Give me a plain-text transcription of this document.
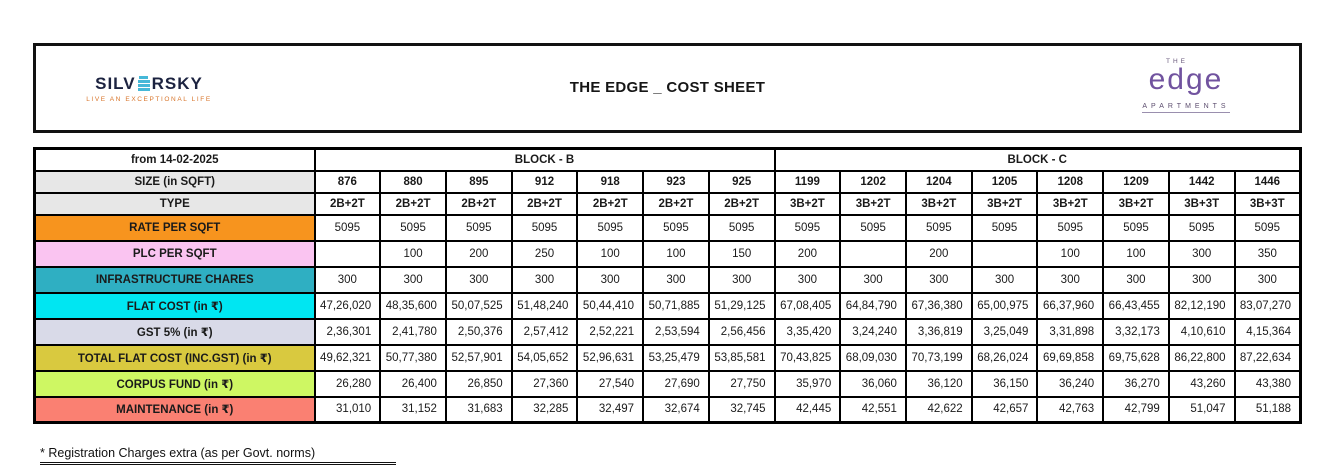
SILV RSKY
LIVE AN EXCEPTIONAL LIFE
THE EDGE _ COST SHEET
THE
edge
APARTMENTS
from 14-02-2025	BLOCK - B							BLOCK - C							
SIZE (in SQFT)	876	880	895	912	918	923	925	1199	1202	1204	1205	1208	1209	1442	1446
TYPE	2B+2T	2B+2T	2B+2T	2B+2T	2B+2T	2B+2T	2B+2T	3B+2T	3B+2T	3B+2T	3B+2T	3B+2T	3B+2T	3B+3T	3B+3T
RATE PER SQFT	5095	5095	5095	5095	5095	5095	5095	5095	5095	5095	5095	5095	5095	5095	5095
PLC PER SQFT		100	200	250	100	100	150	200		200		100	100	300	350
INFRASTRUCTURE CHARES	300	300	300	300	300	300	300	300	300	300	300	300	300	300	300
FLAT COST (in ₹)	47,26,020	48,35,600	50,07,525	51,48,240	50,44,410	50,71,885	51,29,125	67,08,405	64,84,790	67,36,380	65,00,975	66,37,960	66,43,455	82,12,190	83,07,270
GST 5% (in ₹)	2,36,301	2,41,780	2,50,376	2,57,412	2,52,221	2,53,594	2,56,456	3,35,420	3,24,240	3,36,819	3,25,049	3,31,898	3,32,173	4,10,610	4,15,364
TOTAL FLAT COST (INC.GST) (in ₹)	49,62,321	50,77,380	52,57,901	54,05,652	52,96,631	53,25,479	53,85,581	70,43,825	68,09,030	70,73,199	68,26,024	69,69,858	69,75,628	86,22,800	87,22,634
CORPUS FUND (in ₹)	26,280	26,400	26,850	27,360	27,540	27,690	27,750	35,970	36,060	36,120	36,150	36,240	36,270	43,260	43,380
MAINTENANCE (in ₹)	31,010	31,152	31,683	32,285	32,497	32,674	32,745	42,445	42,551	42,622	42,657	42,763	42,799	51,047	51,188
* Registration Charges extra (as per Govt. norms)
